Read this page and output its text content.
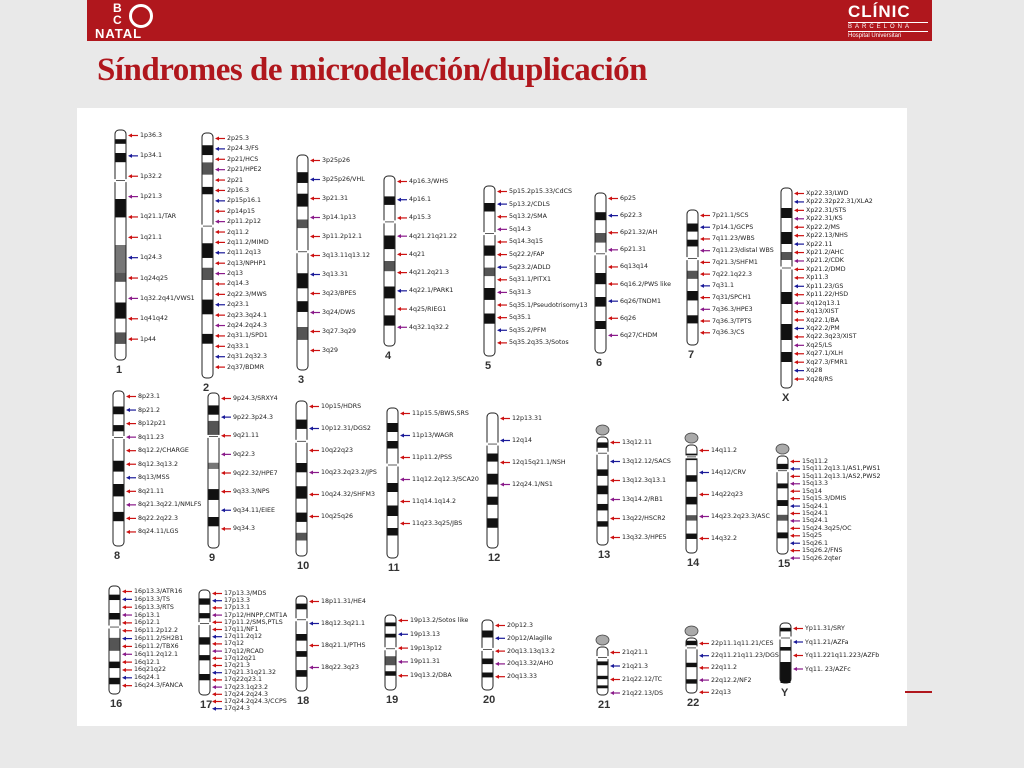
B
C
NATAL
CLÍNIC
BARCELONA
Hospital Universitari
Síndromes de microdeleción/duplicación
1
1p36.3
1p34.1
1p32.2
1p21.3
1q21.1/TAR
1q21.1
1q24.3
1q24q25
1q32.2q41/VWS1
1q41q42
1p44
2
2p25.3
2p24.3/FS
2p21/HCS
2p21/HPE2
2p21
2p16.3
2p15p16.1
2p14p15
2p11.2p12
2q11.2
2q11.2/MIMD
2q11.2q13
2q13/NPHP1
2q13
2q14.3
2q22.3/MWS
2q23.1
2q23.3q24.1
2q24.2q24.3
2q31.1/SPD1
2q33.1
2q31.2q32.3
2q37/BDMR
3
3p25p26
3p25p26/VHL
3p21.31
3p14.1p13
3p11.2p12.1
3q13.11q13.12
3q13.31
3q23/BPES
3q24/DWS
3q27.3q29
3q29	4
4p16.3/WHS
4p16.1
4p15.3
4q21.21q21.22
4q21
4q21.2q21.3
4q22.1/PARK1
4q25/RIEG1
4q32.1q32.2
5
5p15.2p15.33/CdCS
5p13.2/CDLS
5q13.2/SMA
5q14.3
5q14.3q15
5q22.2/FAP
5q23.2/ADLD
5q31.1/PITX1
5q31.3
5q35.1/Pseudotrisomy13
5q35.1
5q35.2/PFM
5q35.2q35.3/Sotos
6
6p25
6p22.3
6p21.32/AH
6p21.31
6q13q14
6q16.2/PWS like
6q26/TNDM1
6q26
6q27/CHDM
7
7p21.1/SCS
7p14.1/GCPS
7q11.23/WBS
7q11.23/distal WBS
7q21.3/SHFM1
7q22.1q22.3
7q31.1
7q31/SPCH1
7q36.3/HPE3
7q36.3/TPTS
7q36.3/CS
X
Xp22.33/LWD
Xp22.32p22.31/XLA2
Xp22.31/STS
Xp22.31/KS
Xp22.2/MS
Xp22.13/NHS
Xp22.11
Xp21.2/AHC
Xp21.2/CDK
Xp21.2/DMD
Xp11.3
Xp11.23/GS
Xp11.22/HSD
Xq12q13.1
Xq13/XIST
Xq22.1/BA
Xq22.2/PM
Xq22.3q23/XIST
Xq25/LS
Xq27.1/XLH
Xq27.3/FMR1
Xq28
Xq28/RS
8
8p23.1
8p21.2
8p12p21
8q11.23
8q12.2/CHARGE
8q12.3q13.2
8q13/MSS
8q21.11
8q21.3q22.1/NMLFS
8q22.2q22.3
8q24.11/LGS
9
9p24.3/SRXY4
9p22.3p24.3
9q21.11
9q22.3
9q22.32/HPE7
9q33.3/NPS
9q34.11/EIEE
9q34.3
10
10p15/HDRS
10p12.31/DGS2
10q22q23
10q23.2q23.2/JPS
10q24.32/SHFM3
10q25q26
11
11p15.5/BWS,SRS
11p13/WAGR
11p11.2/PSS
11q12.2q12.3/SCA20
11q14.1q14.2
11q23.3q25/JBS
12
12p13.31
12q14
12q15q21.1/NSH
12q24.1/NS1
13
13q12.11
13q12.12/SACS
13q12.3q13.1
13q14.2/RB1
13q22/HSCR2
13q32.3/HPE5
14
14q11.2
14q12/CRV
14q22q23
14q23.2q23.3/ASC
14q32.2
15
15q11.2
15q11.2q13.1/AS1,PWS1
15q11.2q13.1/AS2,PWS2
15q13.3
15q14
15q15.3/DMIS
15q24.1
15q24.1
15q24.1
15q24.3q25/OC
15q25
15q26.1
15q26.2/FNS
15q26.2qter
16
16p13.3/ATR16
16p13.3/TS
16p13.3/RTS
16p13.1
16p12.1
16p11.2p12.2
16p11.2/SH2B1
16p11.2/TBX6
16q11.2q12.1
16q12.1
16q21q22
16q24.1
16q24.3/FANCA
17
17p13.3/MDS
17p13.3
17p13.1
17p12/HNPP,CMT1A
17p11.2/SMS,PTLS
17q11/NF1
17q11.2q12
17q12
17q12/RCAD
17q12q21
17q21.3
17q21.31q21.32
17q22q23.1
17q23.1q23.2
17q24.2q24.3
17q24.2q24.3/CCPS
17q24.3
18
18p11.31/HE4
18q12.3q21.1
18q21.1/PTHS
18q22.3q23
19
19p13.2/Sotos like
19p13.13
19p13p12
19p11.31
19q13.2/DBA
20
20p12.3
20p12/Alagille
20q13.13q13.2
20q13.32/AHO
20q13.33
21
21q21.1
21q21.3
21q22.12/TC
21q22.13/DS
22
22p11.1q11.21/CES
22q11.21q11.23/DGS
22q11.2
22q12.2/NF2
22q13	Y
Yp11.31/SRY
Yq11.21/AZFa
Yq11.221q11.223/AZFb
Yq11. 23/AZFc
